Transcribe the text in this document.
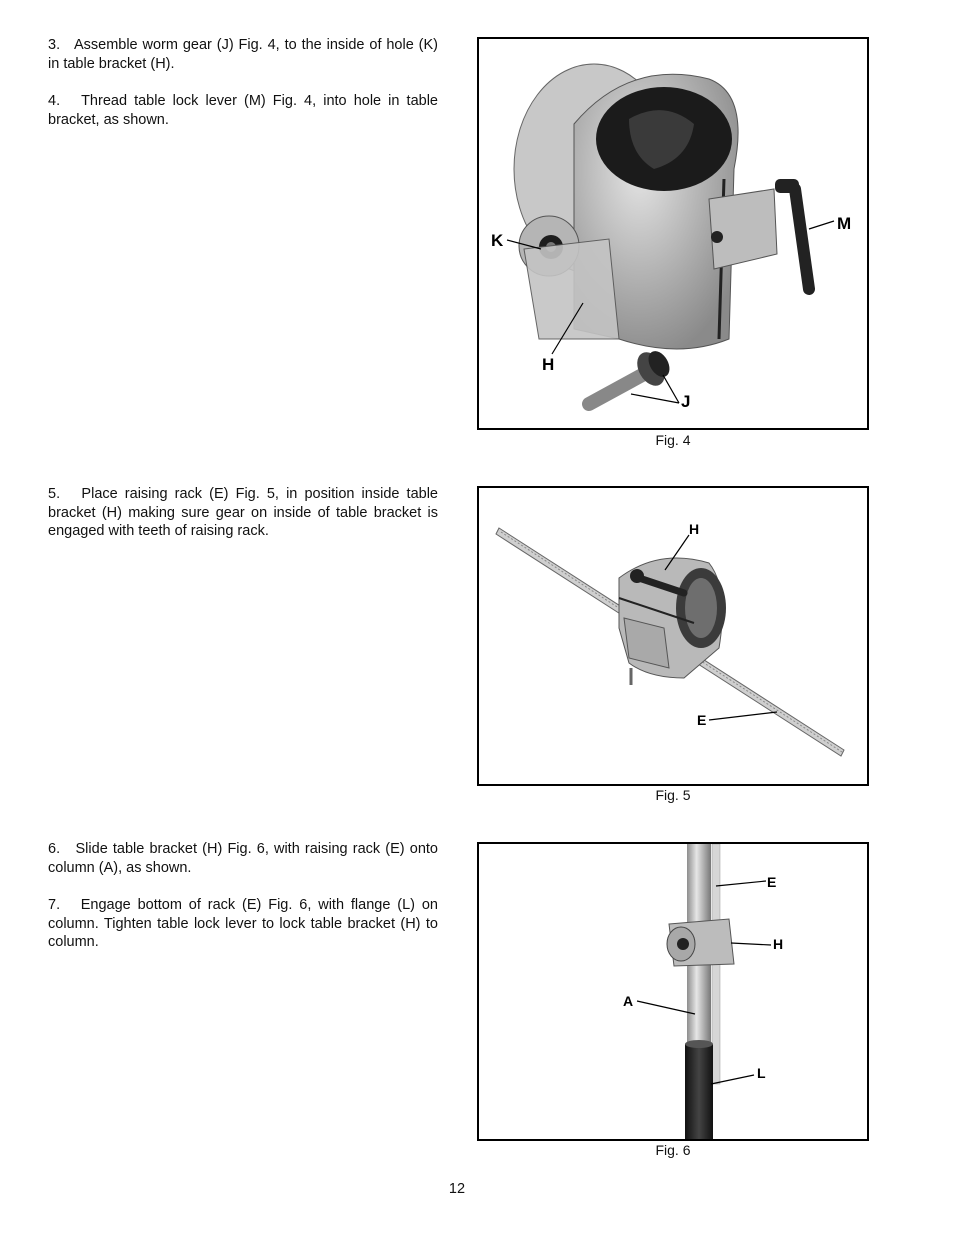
3.   Assemble worm gear (J) Fig. 4, to the inside of hole (K) in table bracket (H).

4.   Thread table lock lever (M) Fig. 4, into hole in table bracket, as shown.

5.   Place raising rack (E) Fig. 5, in position inside table bracket (H) making sure gear on inside of table bracket is engaged with teeth of raising rack.

6.   Slide table bracket (H) Fig. 6, with raising rack (E) onto column (A), as shown.

7.   Engage bottom of rack (E) Fig. 6, with flange (L) on column. Tighten table lock lever to lock table bracket (H) to column.

K
M
H
J
Fig. 4
H
E
Fig. 5
E
H
A
L
Fig. 6
12
